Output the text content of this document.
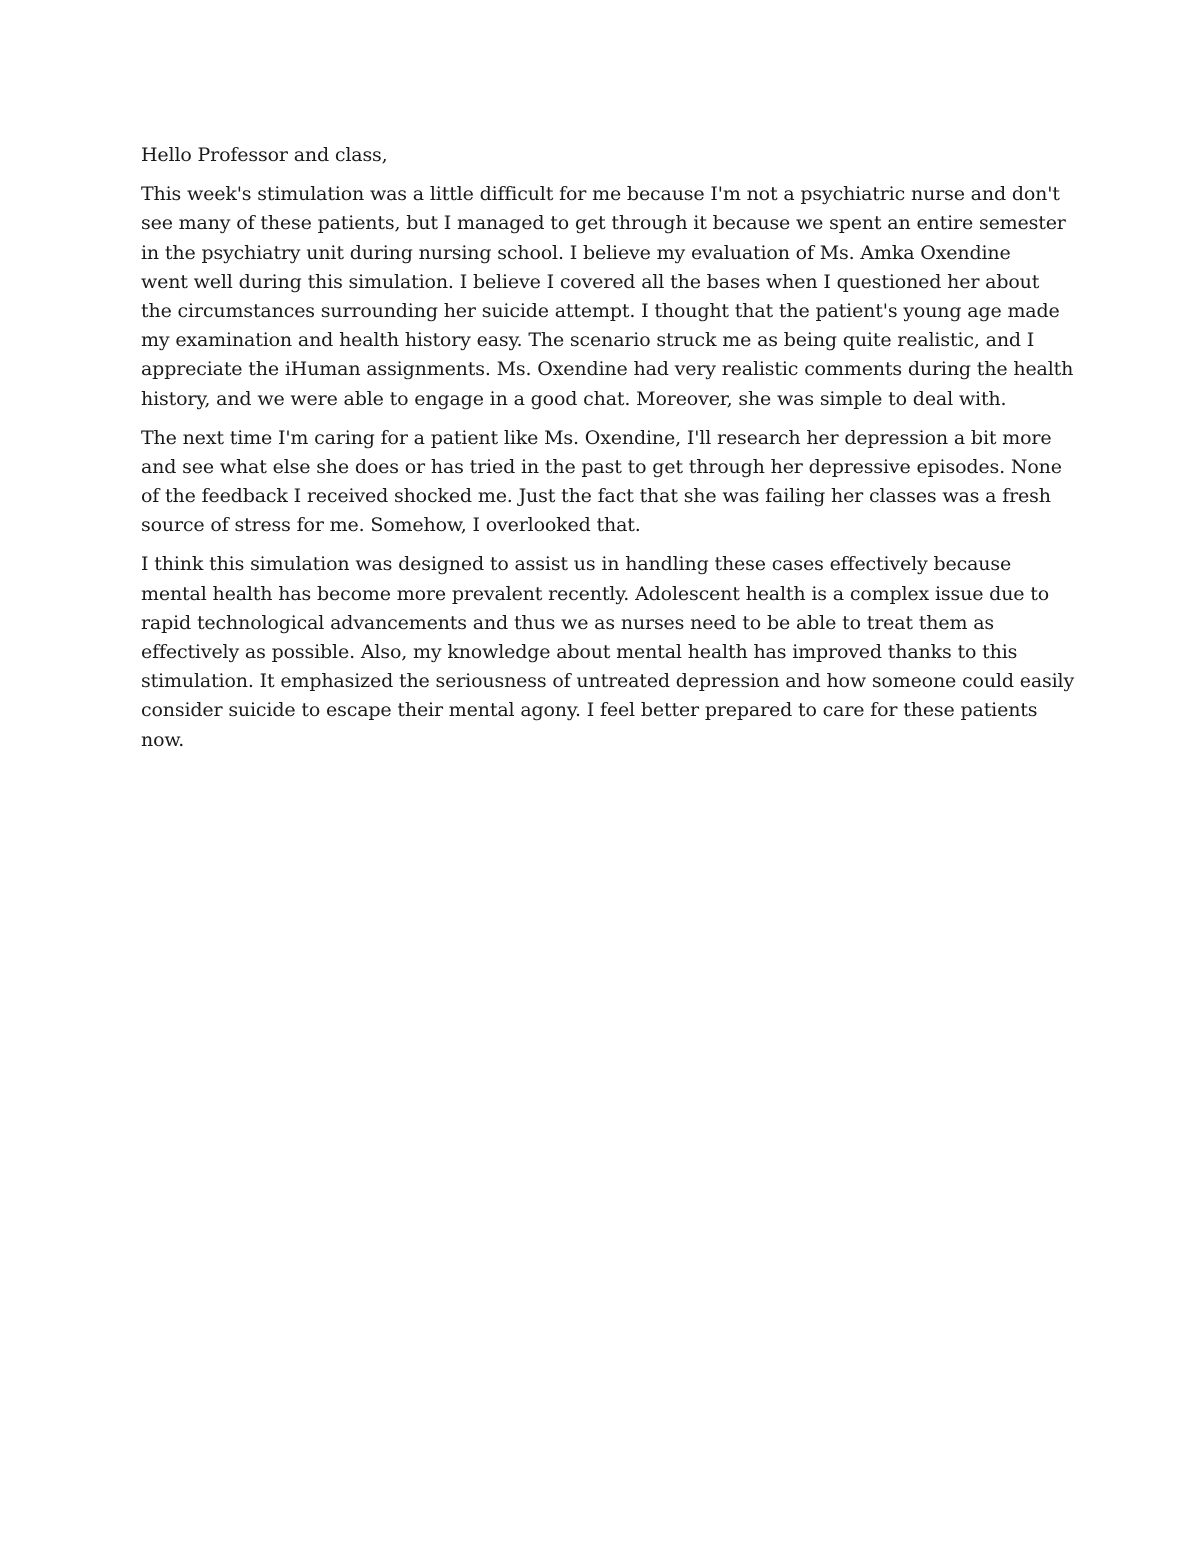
Hello Professor and class,
This week's stimulation was a little difficult for me because I'm not a psychiatric nurse and don't
see many of these patients, but I managed to get through it because we spent an entire semester
in the psychiatry unit during nursing school. I believe my evaluation of Ms. Amka Oxendine
went well during this simulation. I believe I covered all the bases when I questioned her about
the circumstances surrounding her suicide attempt. I thought that the patient's young age made
my examination and health history easy. The scenario struck me as being quite realistic, and I
appreciate the iHuman assignments. Ms. Oxendine had very realistic comments during the health
history, and we were able to engage in a good chat. Moreover, she was simple to deal with.
The next time I'm caring for a patient like Ms. Oxendine, I'll research her depression a bit more
and see what else she does or has tried in the past to get through her depressive episodes. None
of the feedback I received shocked me. Just the fact that she was failing her classes was a fresh
source of stress for me. Somehow, I overlooked that.
I think this simulation was designed to assist us in handling these cases effectively because
mental health has become more prevalent recently. Adolescent health is a complex issue due to
rapid technological advancements and thus we as nurses need to be able to treat them as
effectively as possible. Also, my knowledge about mental health has improved thanks to this
stimulation. It emphasized the seriousness of untreated depression and how someone could easily
consider suicide to escape their mental agony. I feel better prepared to care for these patients
now.
